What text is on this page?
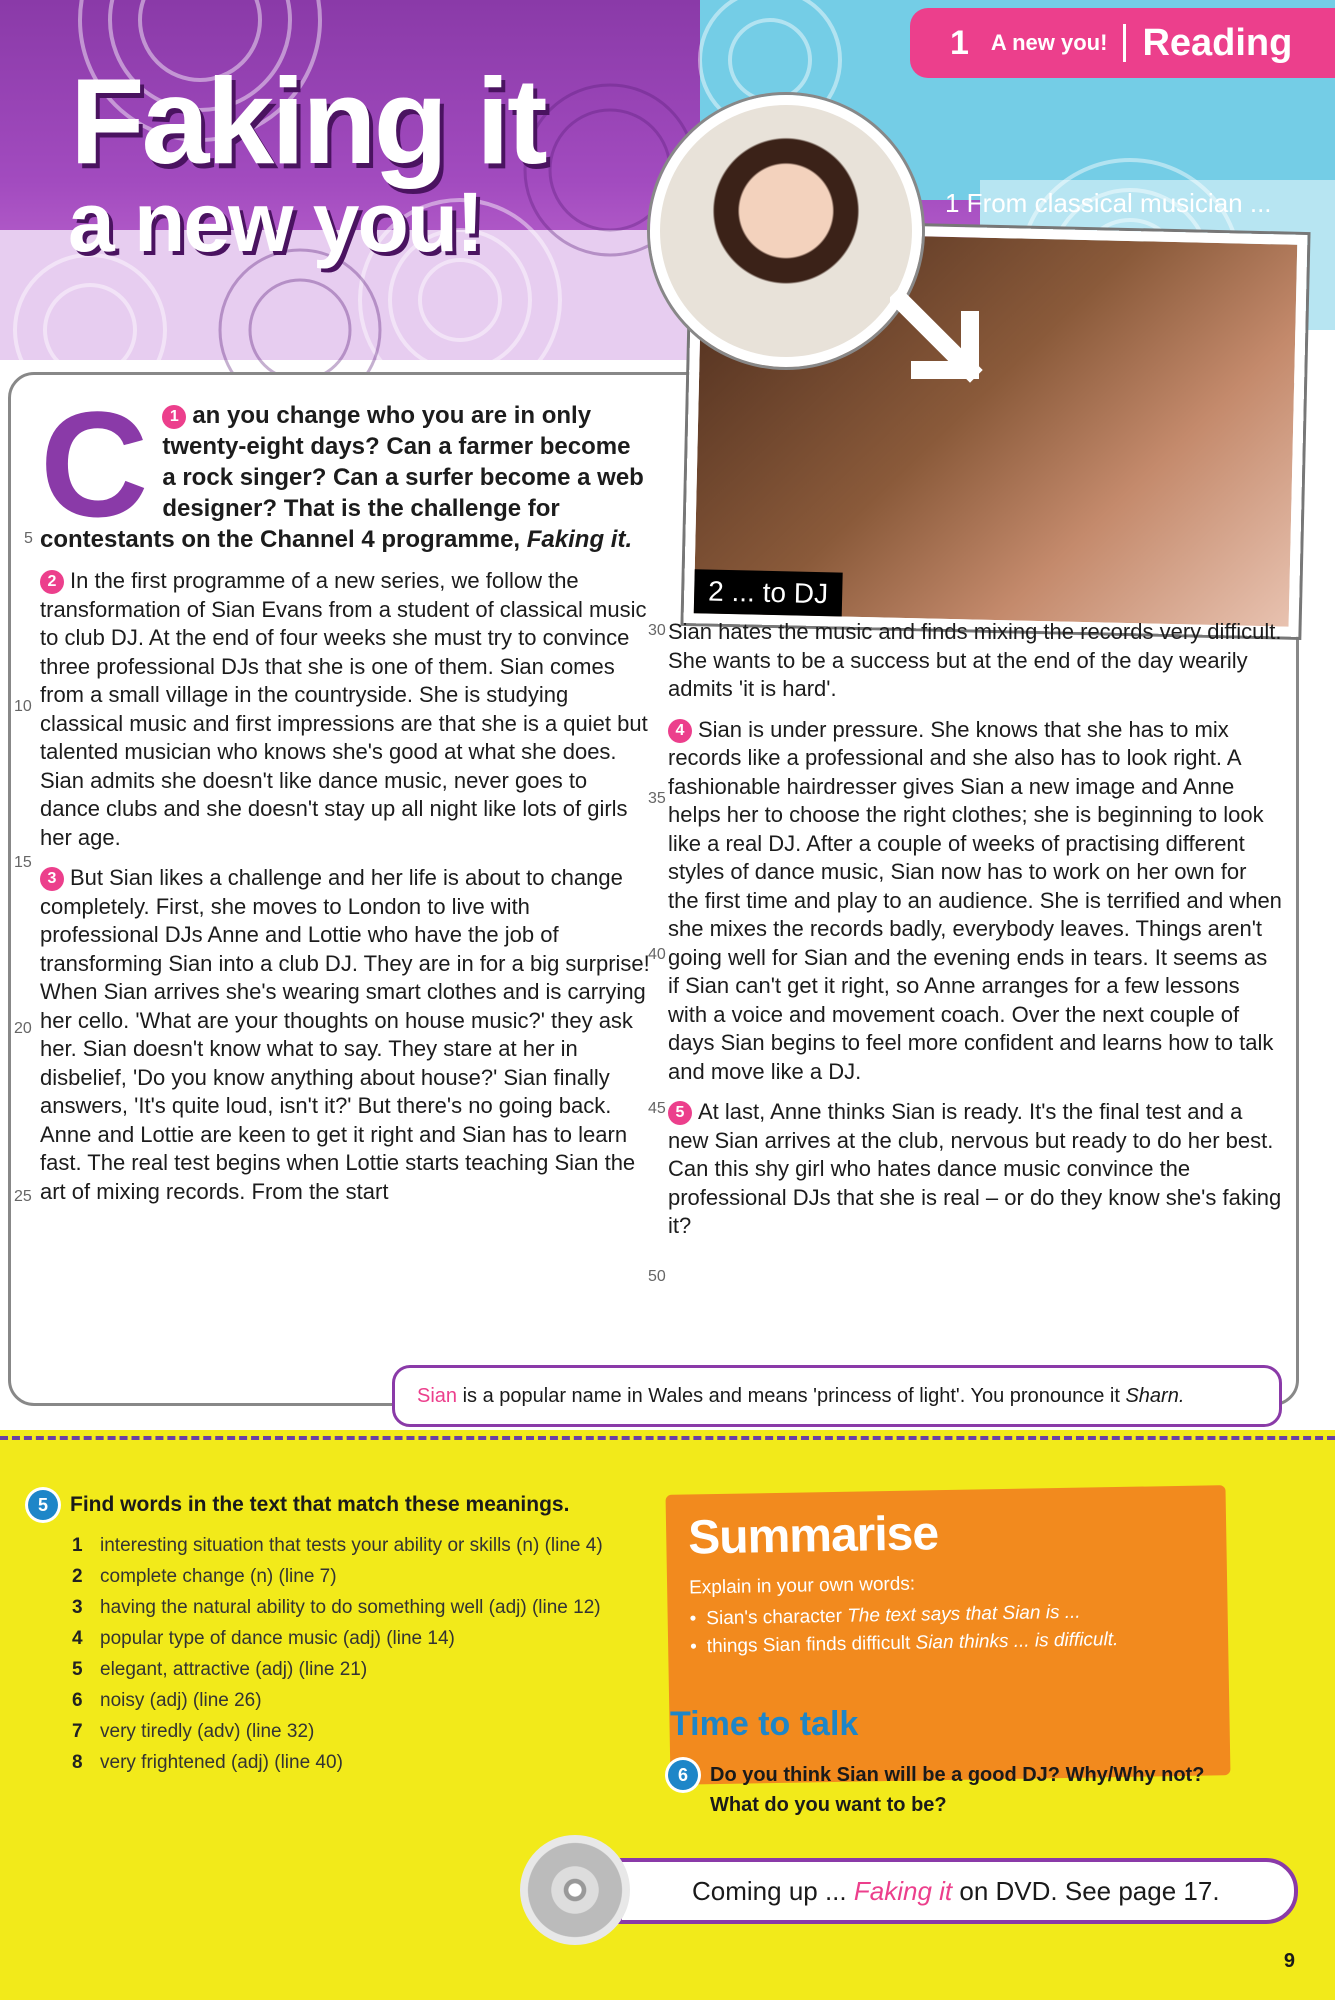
1 A new you! Reading
Faking it
a new you!	1 From classical musician ...
2 ... to DJ

1
C an you change who you are in only twenty-eight days? Can a farmer become a rock singer? Can a surfer become a web designer? That is the challenge for contestants on the Channel 4 programme, Faking it.

2 In the first programme of a new series, we follow the transformation of Sian Evans from a student of classical music to club DJ. At the end of four weeks she must try to convince three professional DJs that she is one of them. Sian comes from a small village in the countryside. She is studying classical music and first impressions are that she is a quiet but talented musician who knows she's good at what she does. Sian admits she doesn't like dance music, never goes to dance clubs and she doesn't stay up all night like lots of girls her age.

3 But Sian likes a challenge and her life is about to change completely. First, she moves to London to live with professional DJs Anne and Lottie who have the job of transforming Sian into a club DJ. They are in for a big surprise! When Sian arrives she's wearing smart clothes and is carrying her cello. 'What are your thoughts on house music?' they ask her. Sian doesn't know what to say. They stare at her in disbelief, 'Do you know anything about house?' Sian finally answers, 'It's quite loud, isn't it?' But there's no going back. Anne and Lottie are keen to get it right and Sian has to learn fast. The real test begins when Lottie starts teaching Sian the art of mixing records. From the start

Sian hates the music and finds mixing the records very difficult. She wants to be a success but at the end of the day wearily admits 'it is hard'.

4 Sian is under pressure. She knows that she has to mix records like a professional and she also has to look right. A fashionable hairdresser gives Sian a new image and Anne helps her to choose the right clothes; she is beginning to look like a real DJ. After a couple of weeks of practising different styles of dance music, Sian now has to work on her own for the first time and play to an audience. She is terrified and when she mixes the records badly, everybody leaves. Things aren't going well for Sian and the evening ends in tears. It seems as if Sian can't get it right, so Anne arranges for a few lessons with a voice and movement coach. Over the next couple of days Sian begins to feel more confident and learns how to talk and move like a DJ.

5 At last, Anne thinks Sian is ready. It's the final test and a new Sian arrives at the club, nervous but ready to do her best. Can this shy girl who hates dance music convince the professional DJs that she is real – or do they know she's faking it?

5
10
15
20
25
30
35
40
45
50
Sian
is a popular name in Wales and means 'princess of light'. You pronounce it
Sharn.
5	Find words in the text that match these meanings.
1 interesting situation that tests your ability or skills (n) (line 4)
2 complete change (n) (line 7)
3 having the natural ability to do something well (adj) (line 12)
4 popular type of dance music (adj) (line 14)
5 elegant, attractive (adj) (line 21)
6 noisy (adj) (line 26)
7 very tiredly (adv) (line 32)
8 very frightened (adj) (line 40)
Summarise
Explain in your own words:
• Sian's character The text says that Sian is ...
• things Sian finds difficult Sian thinks ... is difficult.
Time to talk
6	Do you think Sian will be a good DJ? Why/Why not?
What do you want to be?
Coming up ...
Faking it
on DVD. See page 17.
9
